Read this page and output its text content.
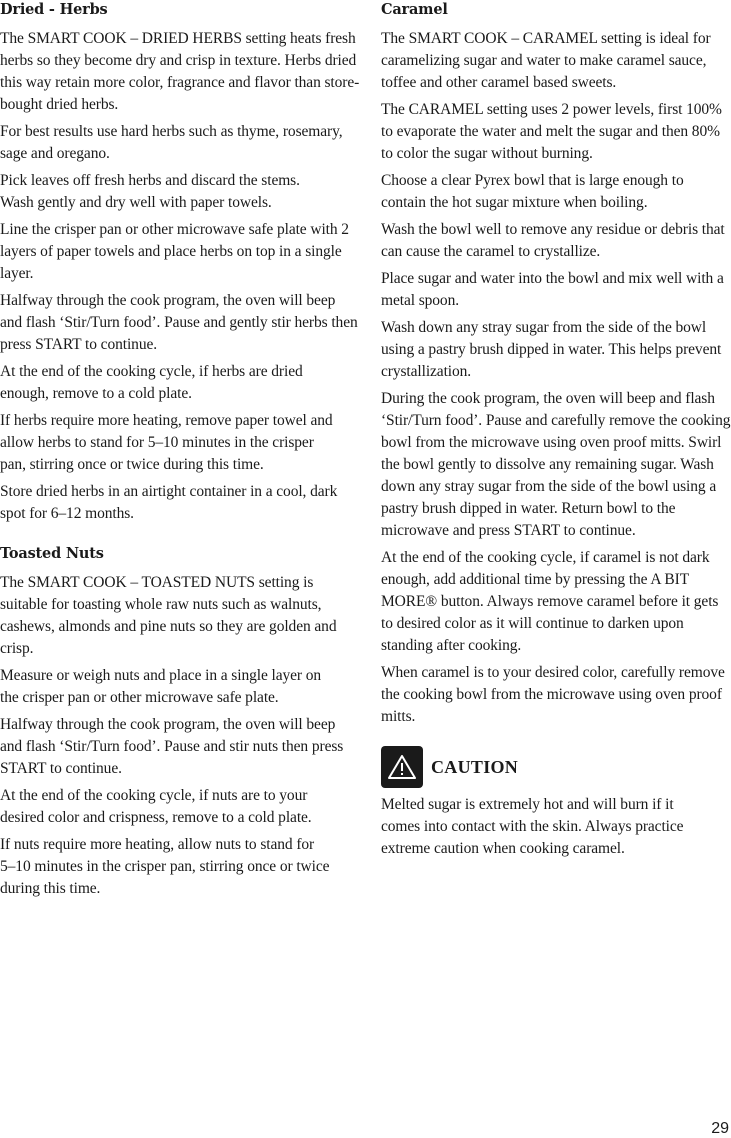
Dried - Herbs

The SMART COOK – DRIED HERBS setting heats fresh herbs so they become dry and crisp in texture. Herbs dried this way retain more color, fragrance and flavor than store-bought dried herbs.

For best results use hard herbs such as thyme, rosemary, sage and oregano.

Pick leaves off fresh herbs and discard the stems. Wash gently and dry well with paper towels.

Line the crisper pan or other microwave safe plate with 2 layers of paper towels and place herbs on top in a single layer.

Halfway through the cook program, the oven will beep and flash ‘Stir/Turn food’. Pause and gently stir herbs then press START to continue.

At the end of the cooking cycle, if herbs are dried enough, remove to a cold plate.

If herbs require more heating, remove paper towel and allow herbs to stand for 5–10 minutes in the crisper pan, stirring once or twice during this time.

Store dried herbs in an airtight container in a cool, dark spot for 6–12 months.

Toasted Nuts

The SMART COOK – TOASTED NUTS setting is suitable for toasting whole raw nuts such as walnuts, cashews, almonds and pine nuts so they are golden and crisp.

Measure or weigh nuts and place in a single layer on the crisper pan or other microwave safe plate.

Halfway through the cook program, the oven will beep and flash ‘Stir/Turn food’. Pause and stir nuts then press START to continue.

At the end of the cooking cycle, if nuts are to your desired color and crispness, remove to a cold plate.

If nuts require more heating, allow nuts to stand for 5–10 minutes in the crisper pan, stirring once or twice during this time.

Caramel

The SMART COOK – CARAMEL setting is ideal for caramelizing sugar and water to make caramel sauce, toffee and other caramel based sweets.

The CARAMEL setting uses 2 power levels, first 100% to evaporate the water and melt the sugar and then 80% to color the sugar without burning.

Choose a clear Pyrex bowl that is large enough to contain the hot sugar mixture when boiling.

Wash the bowl well to remove any residue or debris that can cause the caramel to crystallize.

Place sugar and water into the bowl and mix well with a metal spoon.

Wash down any stray sugar from the side of the bowl using a pastry brush dipped in water. This helps prevent crystallization.

During the cook program, the oven will beep and flash ‘Stir/Turn food’. Pause and carefully remove the cooking bowl from the microwave using oven proof mitts. Swirl the bowl gently to dissolve any remaining sugar. Wash down any stray sugar from the side of the bowl using a pastry brush dipped in water. Return bowl to the microwave and press START to continue.

At the end of the cooking cycle, if caramel is not dark enough, add additional time by pressing the A BIT MORE® button. Always remove caramel before it gets to desired color as it will continue to darken upon standing after cooking.

When caramel is to your desired color, carefully remove the cooking bowl from the microwave using oven proof mitts.

CAUTION

Melted sugar is extremely hot and will burn if it comes into contact with the skin. Always practice extreme caution when cooking caramel.

29
